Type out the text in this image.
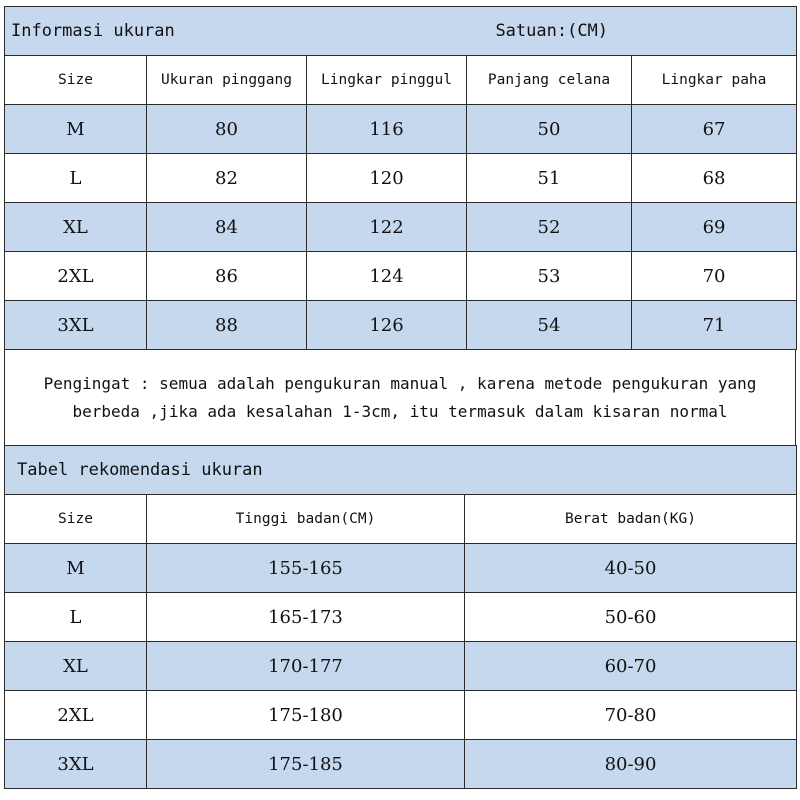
Informasi ukuran Satuan:(CM)				

Size	Ukuran pinggang	Lingkar pinggul	Panjang celana	Lingkar paha
M	80	116	50	67
L	82	120	51	68
XL	84	122	52	69
2XL	86	124	53	70
3XL	88	126	54	71
Pengingat : semua adalah pengukuran manual , karena metode pengukuran yang
berbeda ,jika ada kesalahan 1-3cm, itu termasuk dalam kisaran normal
Tabel rekomendasi ukuran		
Size	Tinggi badan(CM)	Berat badan(KG)
M	155-165	40-50
L	165-173	50-60
XL	170-177	60-70
2XL	175-180	70-80
3XL	175-185	80-90
